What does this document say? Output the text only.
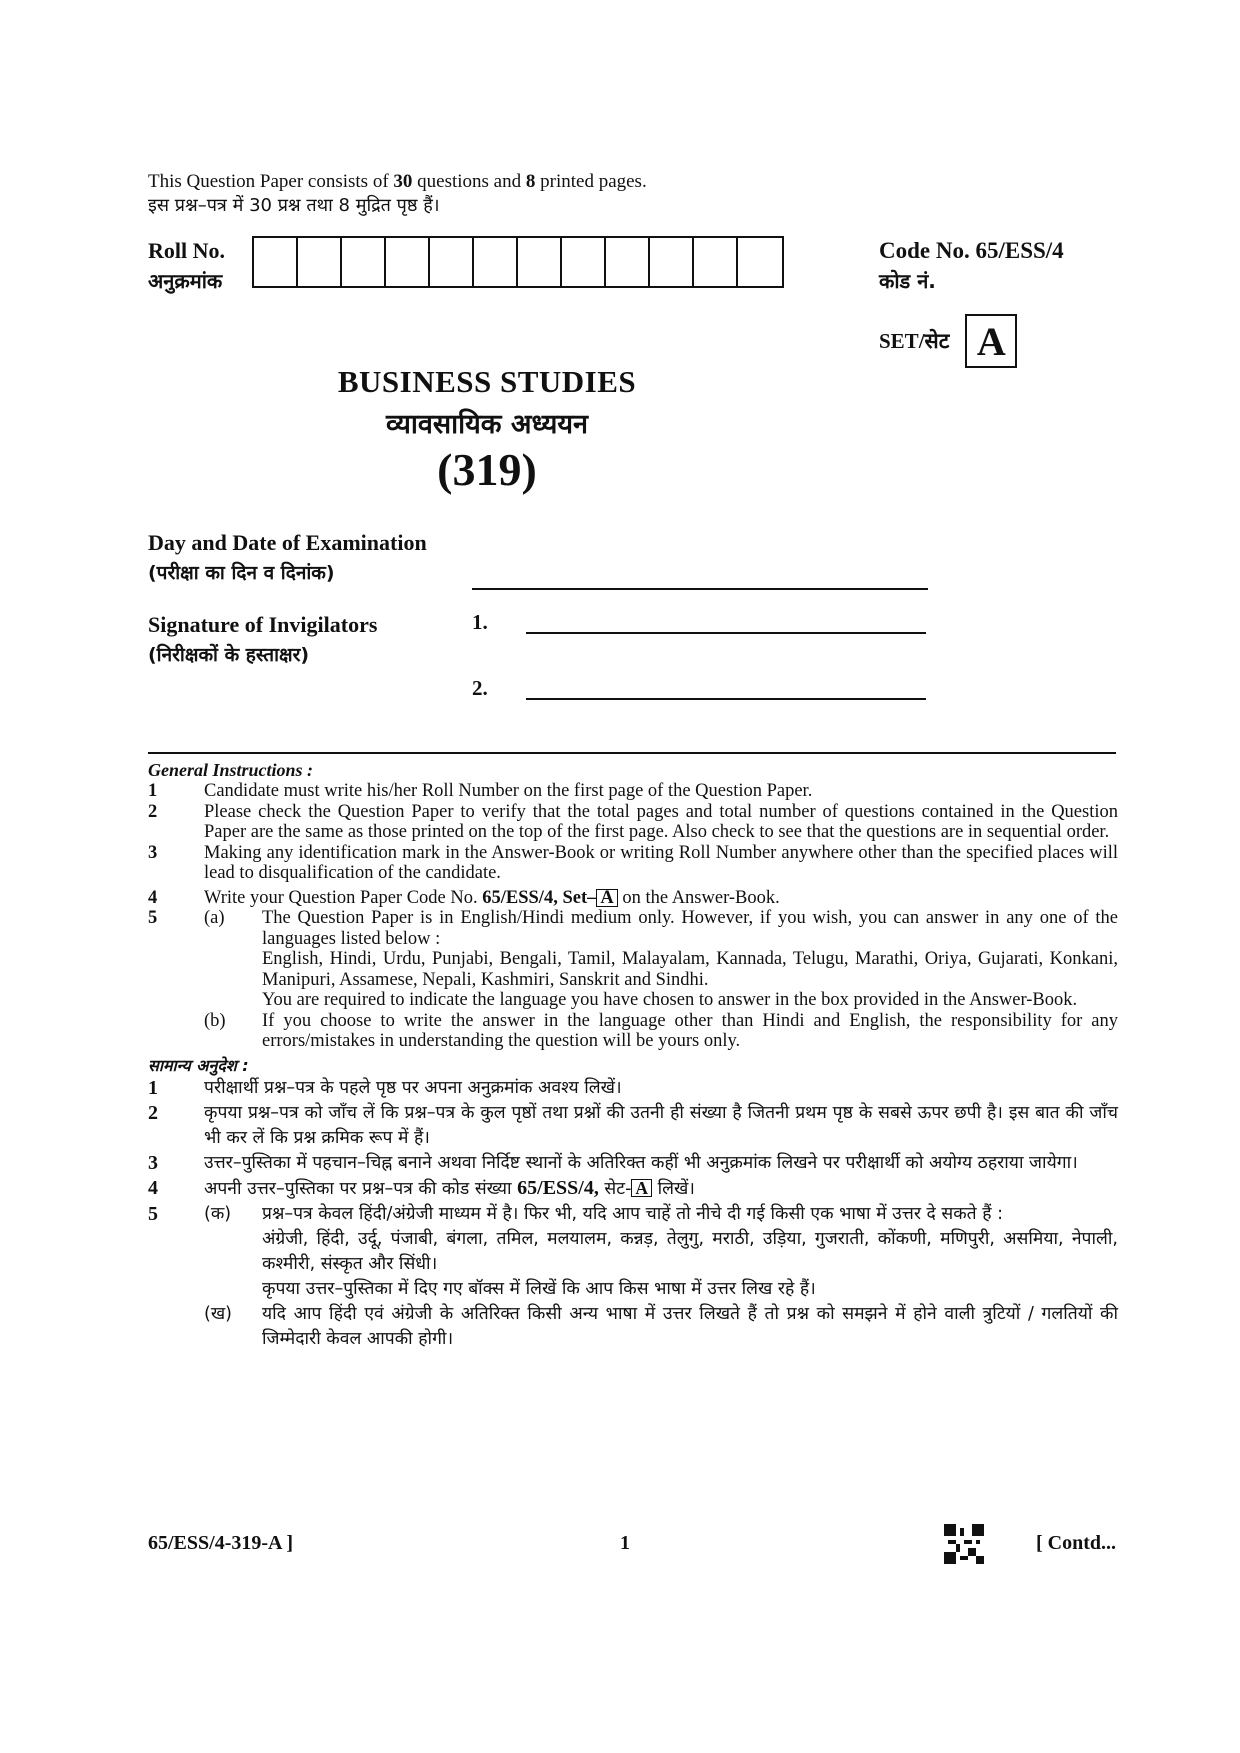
This Question Paper consists of 30 questions and 8 printed pages.
इस प्रश्न–पत्र में 30 प्रश्न तथा 8 मुद्रित पृष्ठ हैं।
Roll No.
अनुक्रमांक
Code No. 65/ESS/4
कोड नं.
SET/सेट A
BUSINESS STUDIES
व्यावसायिक अध्ययन
(319)
Day and Date of Examination
(परीक्षा का दिन व दिनांक)
Signature of Invigilators
(निरीक्षकों के हस्ताक्षर)
1.
2.
General Instructions :
1	Candidate must write his/her Roll Number on the first page of the Question Paper.
2	Please check the Question Paper to verify that the total pages and total number of questions contained in the Question Paper are the same as those printed on the top of the first page. Also check to see that the questions are in sequential order.
3	Making any identification mark in the Answer-Book or writing Roll Number anywhere other than the specified places will lead to disqualification of the candidate.
4	Write your Question Paper Code No. 65/ESS/4, Set– A on the Answer-Book.
5	(a)	The Question Paper is in English/Hindi medium only. However, if you wish, you can answer in any one of the languages listed below :
English, Hindi, Urdu, Punjabi, Bengali, Tamil, Malayalam, Kannada, Telugu, Marathi, Oriya, Gujarati, Konkani, Manipuri, Assamese, Nepali, Kashmiri, Sanskrit and Sindhi.
You are required to indicate the language you have chosen to answer in the box provided in the Answer-Book.
(b)	If you choose to write the answer in the language other than Hindi and English, the responsibility for any errors/mistakes in understanding the question will be yours only.
सामान्य अनुदेश :
1	परीक्षार्थी प्रश्न–पत्र के पहले पृष्ठ पर अपना अनुक्रमांक अवश्य लिखें।
2	कृपया प्रश्न–पत्र को जाँच लें कि प्रश्न–पत्र के कुल पृष्ठों तथा प्रश्नों की उतनी ही संख्या है जितनी प्रथम पृष्ठ के सबसे ऊपर छपी है। इस बात की जाँच भी कर लें कि प्रश्न क्रमिक रूप में हैं।
3	उत्तर–पुस्तिका में पहचान–चिह्न बनाने अथवा निर्दिष्ट स्थानों के अतिरिक्त कहीं भी अनुक्रमांक लिखने पर परीक्षार्थी को अयोग्य ठहराया जायेगा।
4	अपनी उत्तर–पुस्तिका पर प्रश्न–पत्र की कोड संख्या 65/ESS/4, सेट- A लिखें।
5	(क)	प्रश्न–पत्र केवल हिंदी/अंग्रेजी माध्यम में है। फिर भी, यदि आप चाहें तो नीचे दी गई किसी एक भाषा में उत्तर दे सकते हैं :
अंग्रेजी, हिंदी, उर्दू, पंजाबी, बंगला, तमिल, मलयालम, कन्नड़, तेलुगु, मराठी, उड़िया, गुजराती, कोंकणी, मणिपुरी, असमिया, नेपाली, कश्मीरी, संस्कृत और सिंधी।
कृपया उत्तर–पुस्तिका में दिए गए बॉक्स में लिखें कि आप किस भाषा में उत्तर लिख रहे हैं।
(ख)	यदि आप हिंदी एवं अंग्रेजी के अतिरिक्त किसी अन्य भाषा में उत्तर लिखते हैं तो प्रश्न को समझने में होने वाली त्रुटियों / गलतियों की जिम्मेदारी केवल आपकी होगी।
65/ESS/4-319-A ]	1	[ Contd...
